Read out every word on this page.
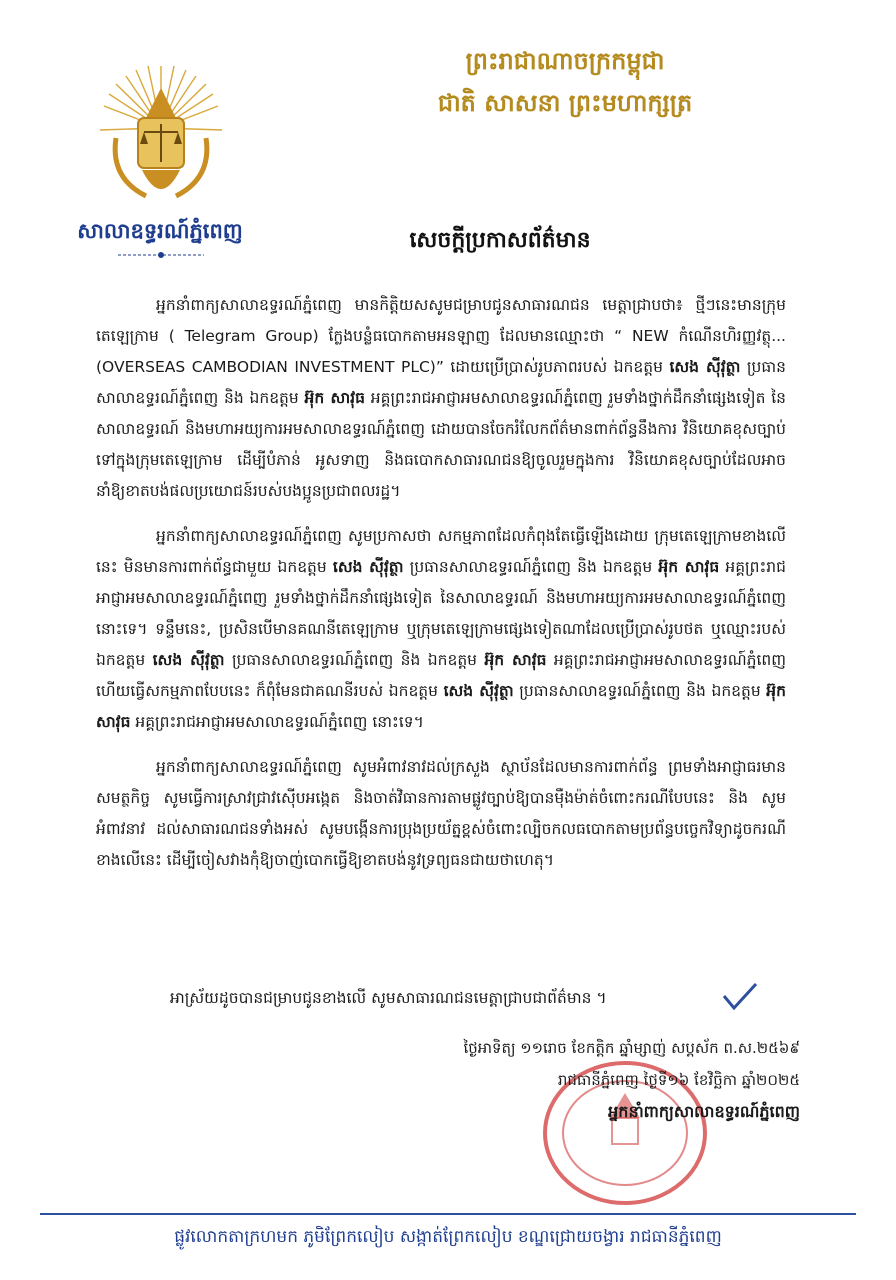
សាលាឧទ្ធរណ៍ភ្នំពេញ
ព្រះរាជាណាចក្រកម្ពុជា
ជាតិ សាសនា ព្រះមហាក្សត្រ
សេចក្តីប្រកាសព័ត៌មាន

អ្នកនាំពាក្យសាលាឧទ្ធរណ៍ភ្នំពេញ មានកិត្តិយសសូមជម្រាបជូនសាធារណជន មេត្តាជ្រាបថា៖ ថ្មីៗនេះមានក្រុមតេឡេក្រាម ( Telegram Group) ក្លែងបន្លំធបោកតាមអនឡាញ ដែលមានឈ្មោះថា “ NEW កំណើនហិរញ្ញវត្ថុ... (OVERSEAS CAMBODIAN INVESTMENT PLC)” ដោយប្រើប្រាស់រូបភាពរបស់ ឯកឧត្តម សេង ស៊ីវុត្ថា ប្រធានសាលាឧទ្ធរណ៍ភ្នំពេញ និង ឯកឧត្តម អ៊ុក សាវុធ អគ្គព្រះរាជអាជ្ញាអមសាលាឧទ្ធរណ៍ភ្នំពេញ រួមទាំងថ្នាក់ដឹកនាំផ្សេងទៀត នៃសាលាឧទ្ធរណ៍ និងមហាអយ្យការអមសាលាឧទ្ធរណ៍ភ្នំពេញ ដោយបានចែករំលែកព័ត៌មានពាក់ព័ន្ធនឹងការ វិនិយោគខុសច្បាប់ទៅក្នុងក្រុមតេឡេក្រាម ដើម្បីបំភាន់ អូសទាញ និងធបោកសាធារណជនឱ្យចូលរួមក្នុងការ វិនិយោគខុសច្បាប់ដែលអាចនាំឱ្យខាតបង់ផលប្រយោជន៍របស់បងប្អូនប្រជាពលរដ្ឋ។

អ្នកនាំពាក្យសាលាឧទ្ធរណ៍ភ្នំពេញ សូមប្រកាសថា សកម្មភាពដែលកំពុងតែធ្វើឡើងដោយ ក្រុមតេឡេក្រាមខាងលើនេះ មិនមានការពាក់ព័ន្ធជាមួយ ឯកឧត្តម សេង ស៊ីវុត្ថា ប្រធានសាលាឧទ្ធរណ៍ភ្នំពេញ និង ឯកឧត្តម អ៊ុក សាវុធ អគ្គព្រះរាជអាជ្ញាអមសាលាឧទ្ធរណ៍ភ្នំពេញ រួមទាំងថ្នាក់ដឹកនាំផ្សេងទៀត នៃសាលាឧទ្ធរណ៍ និងមហាអយ្យការអមសាលាឧទ្ធរណ៍ភ្នំពេញ នោះទេ។ ទន្ទឹមនេះ, ប្រសិនបើមានគណនីតេឡេក្រាម ឬក្រុមតេឡេក្រាមផ្សេងទៀតណាដែលប្រើប្រាស់រូបថត ឬឈ្មោះរបស់ ឯកឧត្តម សេង ស៊ីវុត្ថា ប្រធានសាលាឧទ្ធរណ៍ភ្នំពេញ និង ឯកឧត្តម អ៊ុក សាវុធ អគ្គព្រះរាជអាជ្ញាអមសាលាឧទ្ធរណ៍ភ្នំពេញ ហើយធ្វើសកម្មភាពបែបនេះ ក៏ពុំមែនជាគណនីរបស់ ឯកឧត្តម សេង ស៊ីវុត្ថា ប្រធានសាលាឧទ្ធរណ៍ភ្នំពេញ និង ឯកឧត្តម អ៊ុក សាវុធ អគ្គព្រះរាជអាជ្ញាអមសាលាឧទ្ធរណ៍ភ្នំពេញ នោះទេ។

អ្នកនាំពាក្យសាលាឧទ្ធរណ៍ភ្នំពេញ សូមអំពាវនាវដល់ក្រសួង ស្ថាប័នដែលមានការពាក់ព័ន្ធ ព្រមទាំងអាជ្ញាធរមានសមត្ថកិច្ច សូមធ្វើការស្រាវជ្រាវស៊ើបអង្កេត និងចាត់វិធានការតាមផ្លូវច្បាប់ឱ្យបានម៉ឺងម៉ាត់ចំពោះករណីបែបនេះ និង សូមអំពាវនាវ ដល់សាធារណជនទាំងអស់ សូមបង្កើនការប្រុងប្រយ័ត្នខ្ពស់ចំពោះល្បិចកលធបោកតាមប្រព័ន្ធបច្ចេកវិទ្យាដូចករណីខាងលើនេះ ដើម្បីចៀសវាងកុំឱ្យចាញ់បោកធ្វើឱ្យខាតបង់នូវទ្រព្យធនជាយថាហេតុ។

អាស្រ័យដូចបានជម្រាបជូនខាងលើ សូមសាធារណជនមេត្តាជ្រាបជាព័ត៌មាន ។
ថ្ងៃអាទិត្យ ១១រោច ខែកត្តិក ឆ្នាំម្សាញ់ សប្តស័ក ព.ស.២៥៦៩
រាជធានីភ្នំពេញ ថ្ងៃទី១៦ ខែវិច្ឆិកា ឆ្នាំ២០២៥
អ្នកនាំពាក្យសាលាឧទ្ធរណ៍ភ្នំពេញ
ផ្លូវលោកតាក្រហមក ភូមិព្រែកលៀប សង្កាត់ព្រែកលៀប ខណ្ឌជ្រោយចង្វារ រាជធានីភ្នំពេញ
